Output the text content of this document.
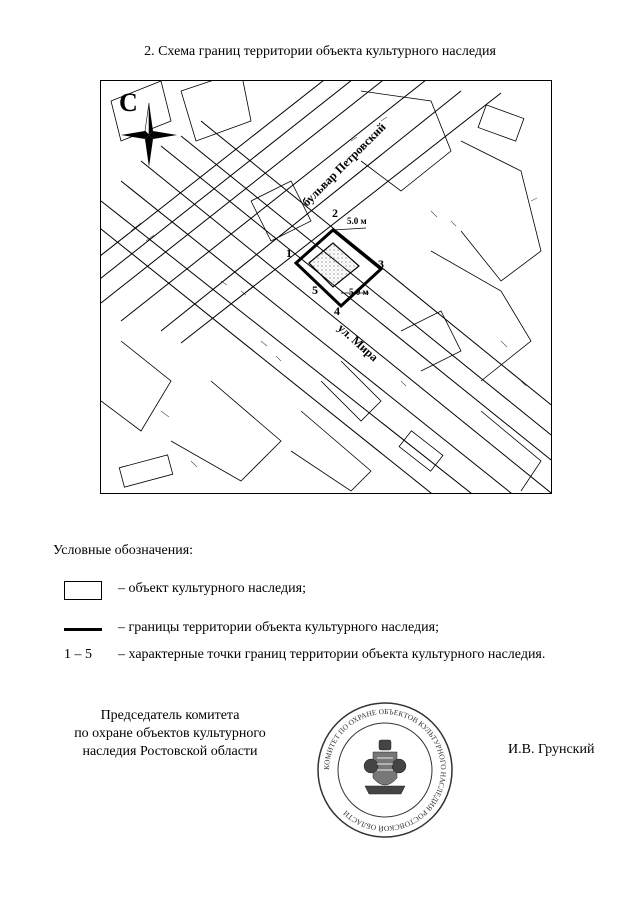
2. Схема границ территории объекта культурного наследия
С
1
2
3
4
5
5.0 м
5.0 м
бульвар Петровский
ул. Мира
Условные обозначения:
– объект культурного наследия;
– границы территории объекта культурного наследия;
1 – 5 – характерные точки границ территории объекта культурного наследия.
Председатель комитета
по охране объектов культурного
наследия Ростовской области
КОМИТЕТ ПО ОХРАНЕ ОБЪЕКТОВ КУЛЬТУРНОГО НАСЛЕДИЯ РОСТОВСКОЙ ОБЛАСТИ
И.В. Грунский
